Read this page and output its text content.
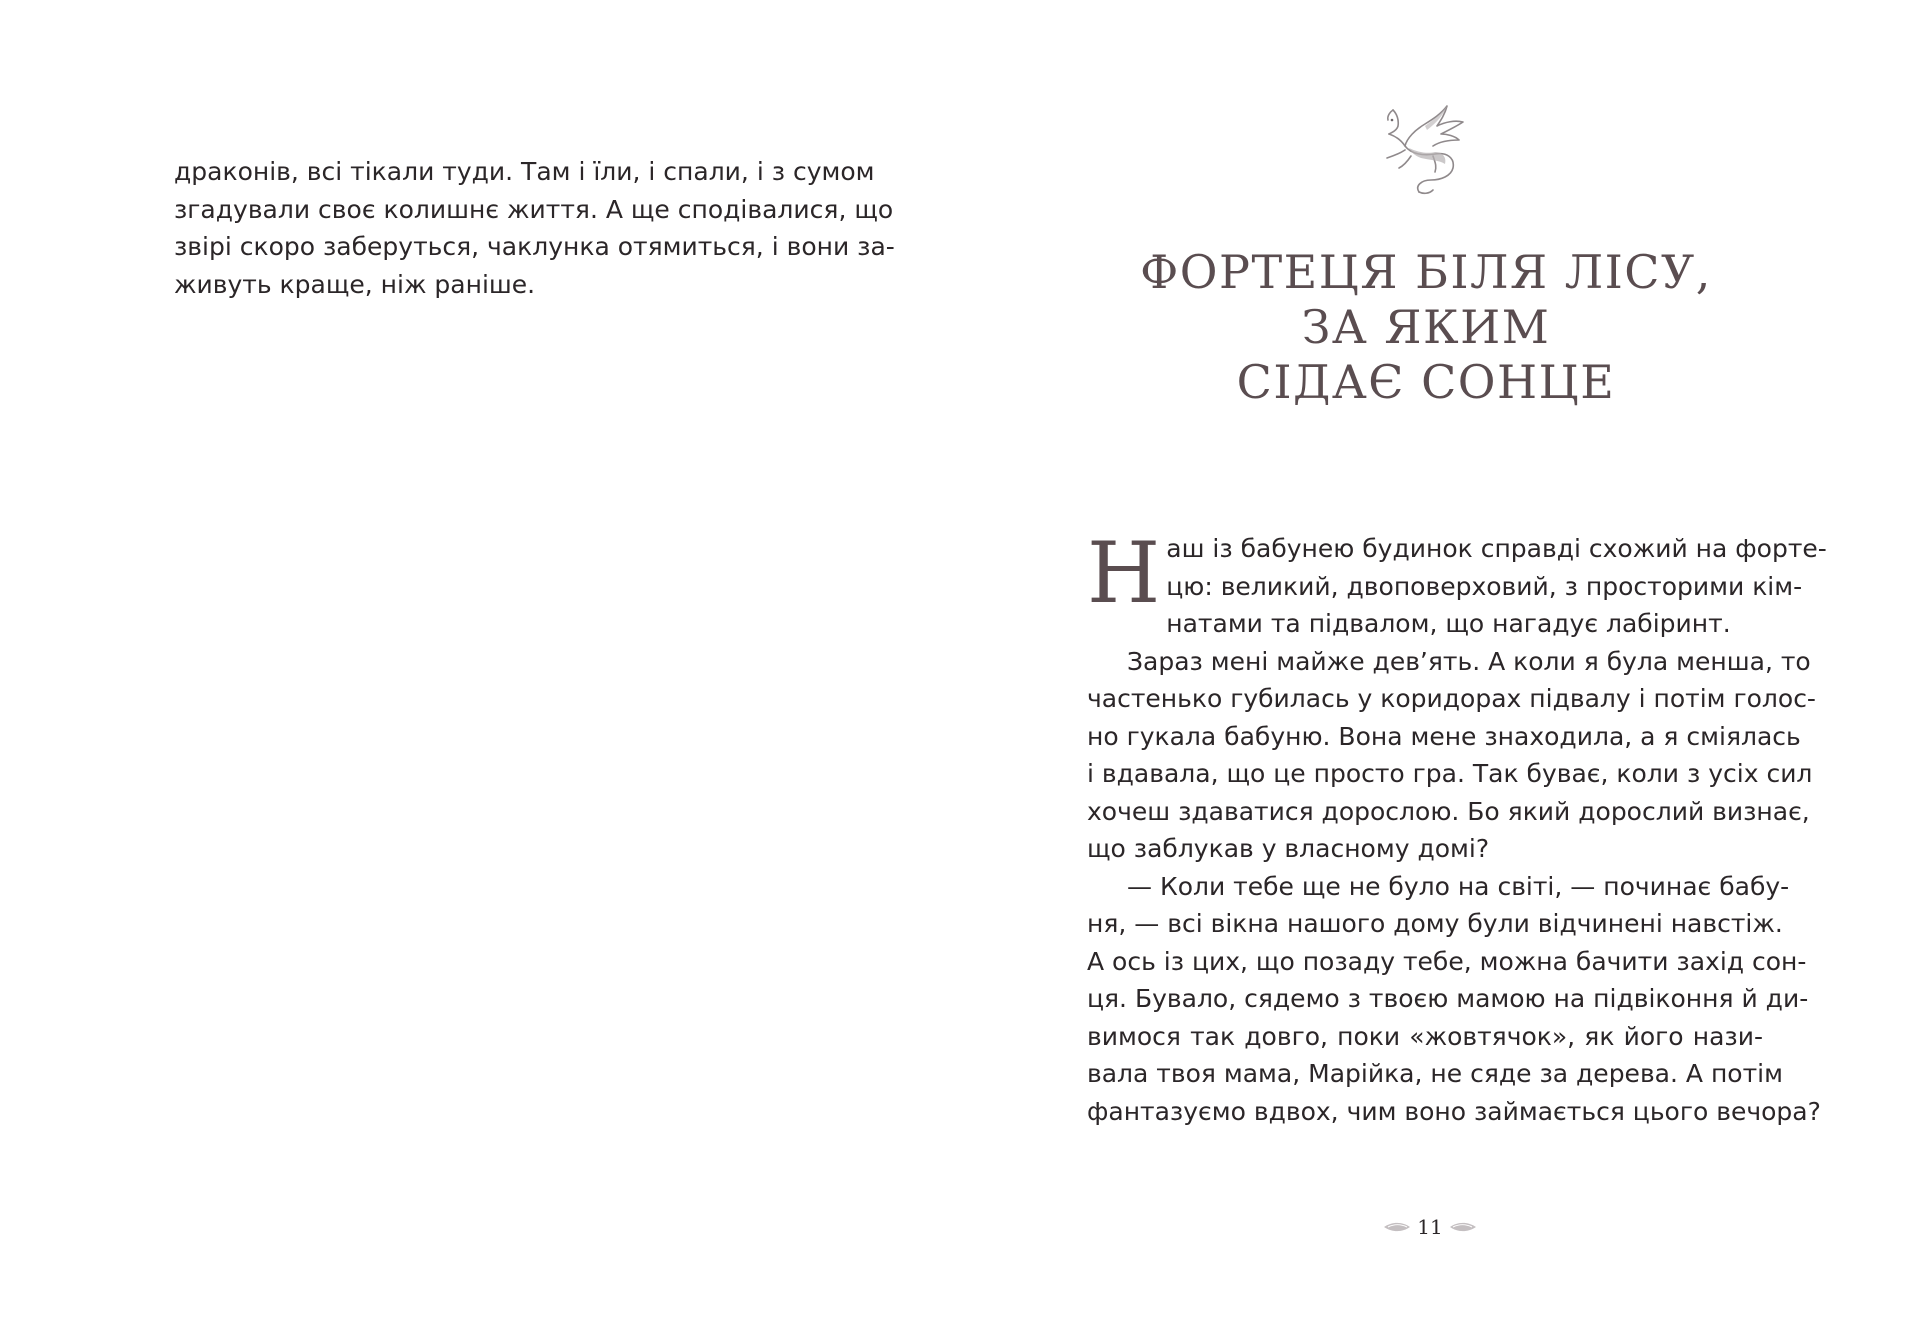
драконів, всі тікали туди. Там і їли, і спали, і з сумом
згадували своє колишнє життя. А ще сподівалися, що
звірі скоро заберуться, чаклунка отямиться, і вони за-
живуть краще, ніж раніше.	ФОРТЕЦЯ БІЛЯ ЛІСУ,
ЗА ЯКИМ
СІДАЄ СОНЦЕ
Н аш із бабунею будинок справді схожий на форте-
цю: великий, двоповерховий, з просторими кім-
натами та підвалом, що нагадує лабіринт.
Зараз мені майже дев’ять. А коли я була менша, то
частенько губилась у коридорах підвалу і потім голос-
но гукала бабуню. Вона мене знаходила, а я сміялась
і вдавала, що це просто гра. Так буває, коли з усіх сил
хочеш здаватися дорослою. Бо який дорослий визнає,
що заблукав у власному домі?
— Коли тебе ще не було на світі, — починає бабу-
ня, — всі вікна нашого дому були відчинені навстіж.
А ось із цих, що позаду тебе, можна бачити захід сон-
ця. Бувало, сядемо з твоєю мамою на підвіконня й ди-
вимося так довго, поки «жовтячок», як його нази-
вала твоя мама, Марійка, не сяде за дерева. А потім
фантазуємо вдвох, чим воно займається цього вечора?
11
